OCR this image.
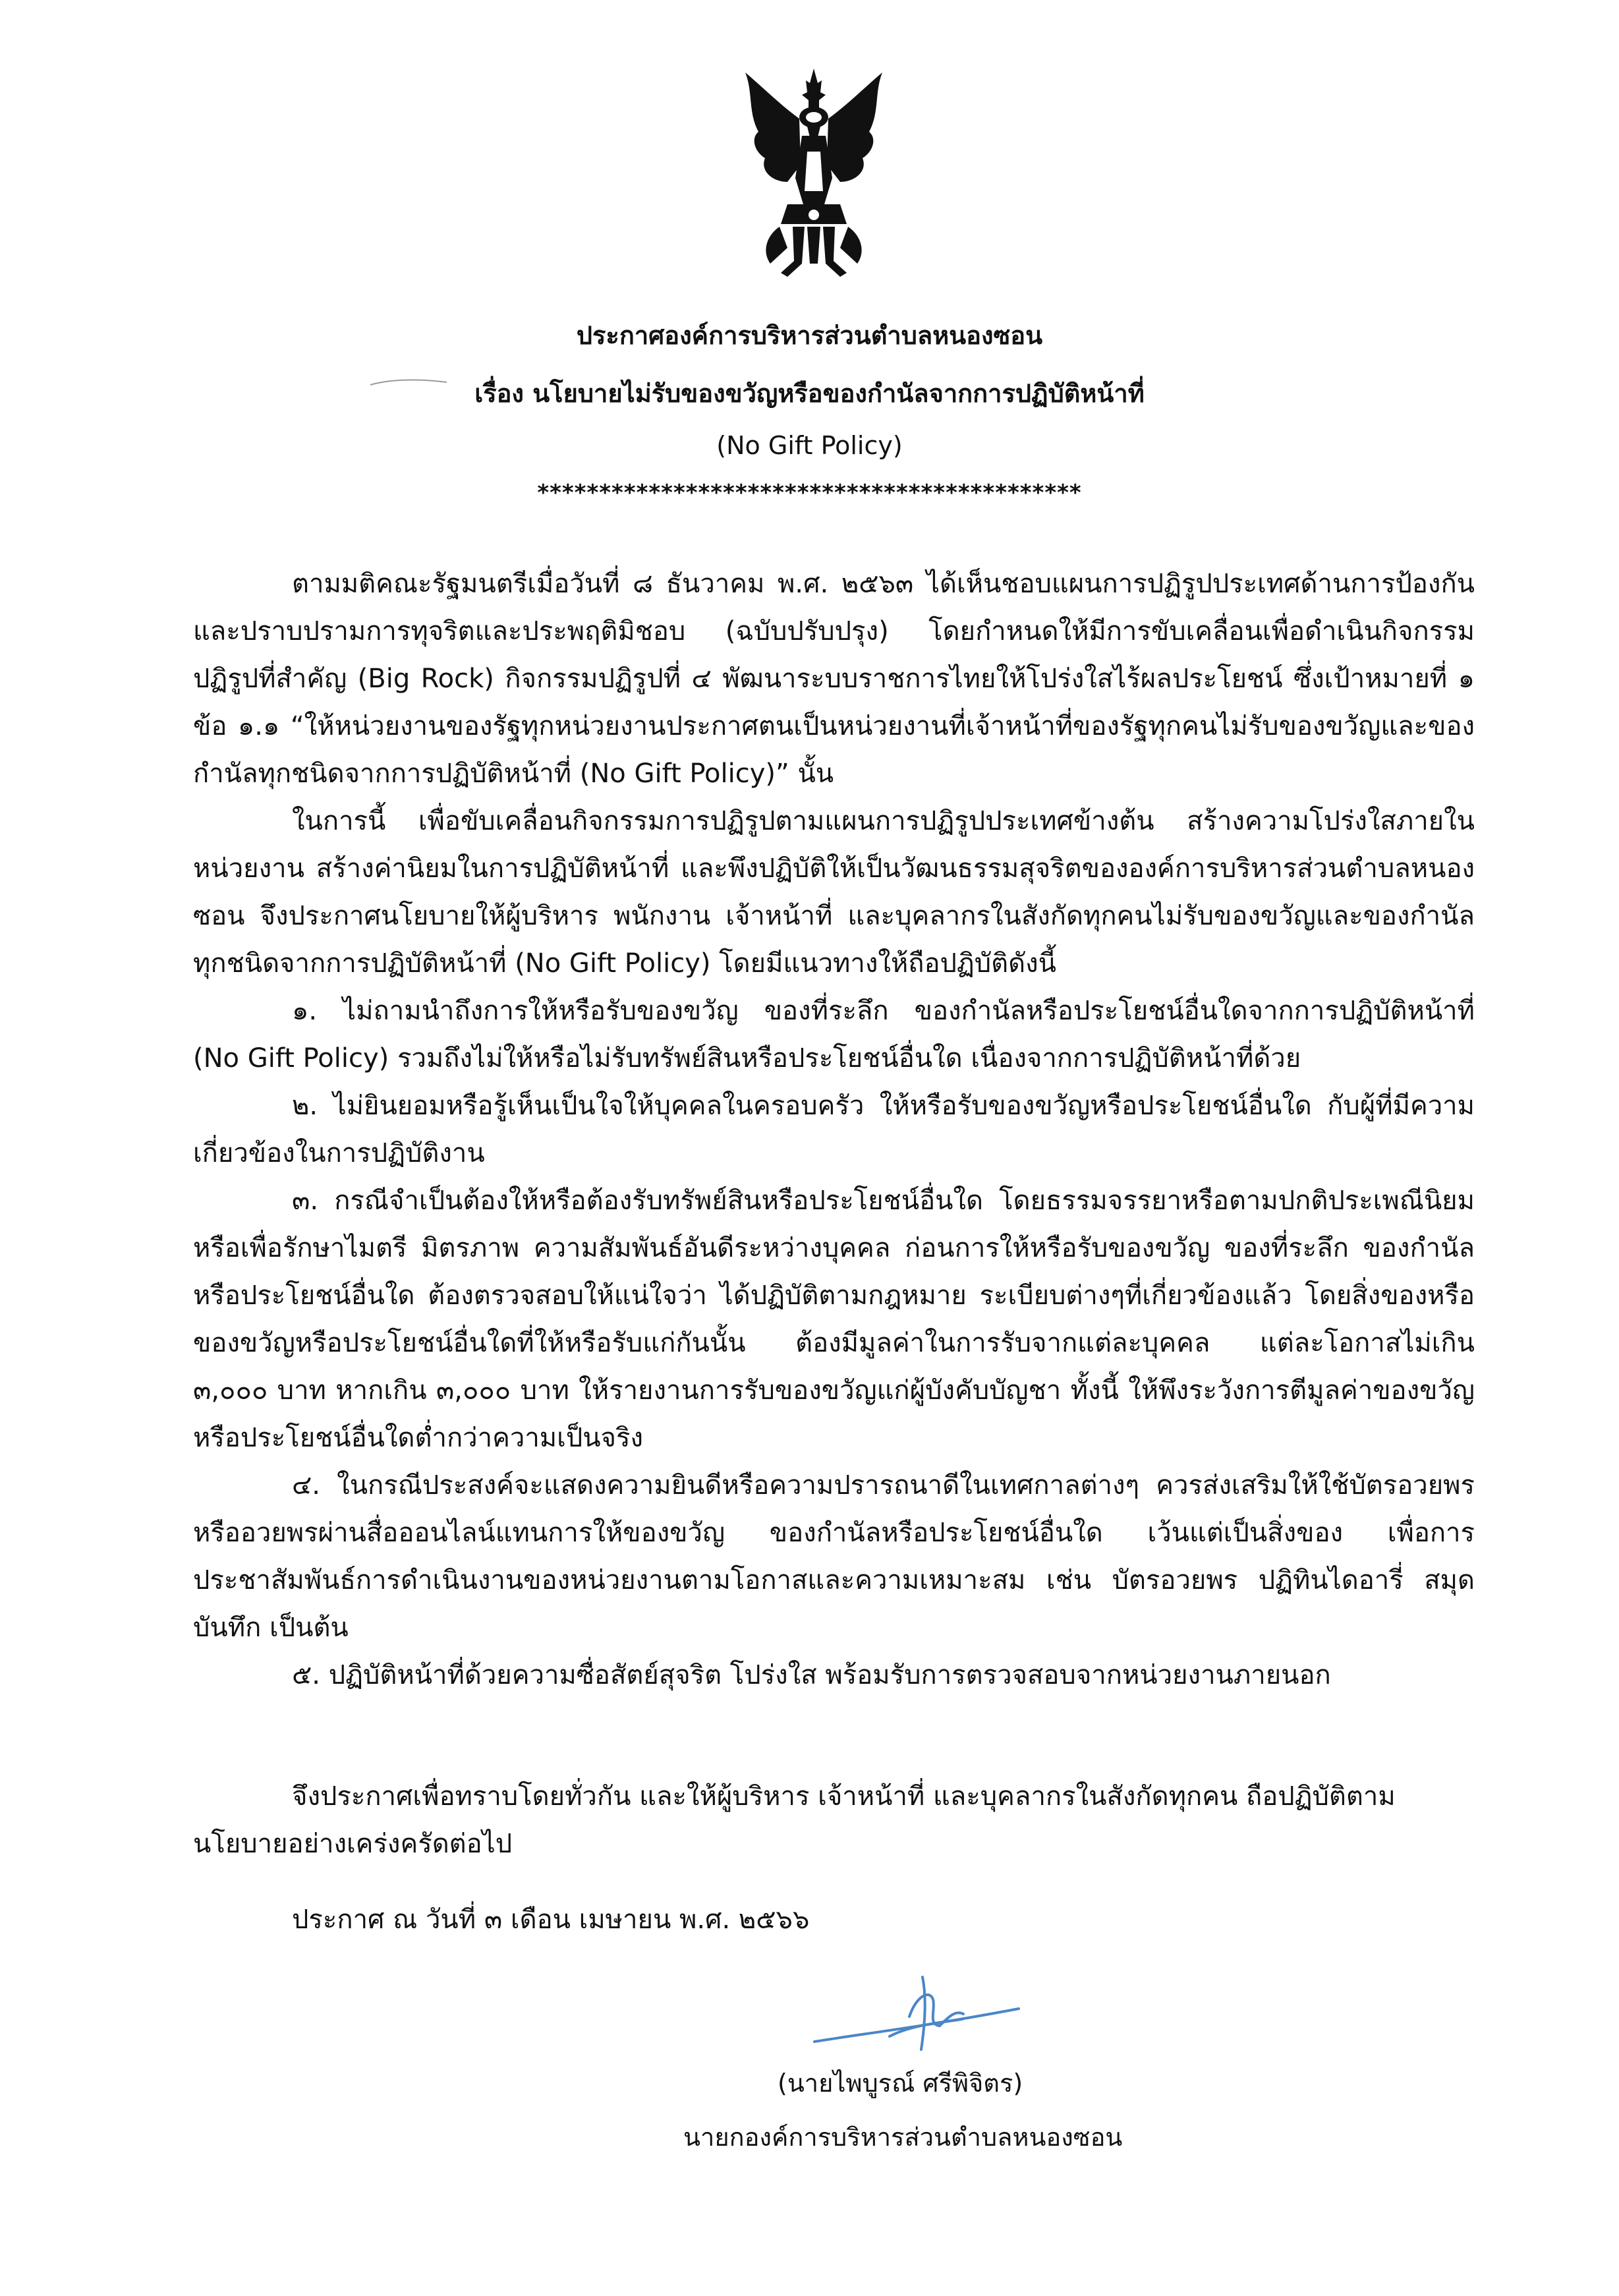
ประกาศองค์การบริหารส่วนตำบลหนองซอน
เรื่อง นโยบายไม่รับของขวัญหรือของกำนัลจากการปฏิบัติหน้าที่
(No Gift Policy)
********************************************

ตามมติคณะรัฐมนตรีเมื่อวันที่ ๘ ธันวาคม พ.ศ. ๒๕๖๓ ได้เห็นชอบแผนการปฏิรูปประเทศด้านการป้องกันและปราบปรามการทุจริตและประพฤติมิชอบ (ฉบับปรับปรุง) โดยกำหนดให้มีการขับเคลื่อนเพื่อดำเนินกิจกรรมปฏิรูปที่สำคัญ (Big Rock) กิจกรรมปฏิรูปที่ ๔ พัฒนาระบบราชการไทยให้โปร่งใสไร้ผลประโยชน์ ซึ่งเป้าหมายที่ ๑ ข้อ ๑.๑ “ให้หน่วยงานของรัฐทุกหน่วยงานประกาศตนเป็นหน่วยงานที่เจ้าหน้าที่ของรัฐทุกคนไม่รับของขวัญและของกำนัลทุกชนิดจากการปฏิบัติหน้าที่ (No Gift Policy)” นั้น

ในการนี้ เพื่อขับเคลื่อนกิจกรรมการปฏิรูปตามแผนการปฏิรูปประเทศข้างต้น สร้างความโปร่งใสภายในหน่วยงาน สร้างค่านิยมในการปฏิบัติหน้าที่ และพึงปฏิบัติให้เป็นวัฒนธรรมสุจริตขององค์การบริหารส่วนตำบลหนองซอน จึงประกาศนโยบายให้ผู้บริหาร พนักงาน เจ้าหน้าที่ และบุคลากรในสังกัดทุกคนไม่รับของขวัญและของกำนัลทุกชนิดจากการปฏิบัติหน้าที่ (No Gift Policy) โดยมีแนวทางให้ถือปฏิบัติดังนี้

๑. ไม่ถามนำถึงการให้หรือรับของขวัญ ของที่ระลึก ของกำนัลหรือประโยชน์อื่นใดจากการปฏิบัติหน้าที่ (No Gift Policy) รวมถึงไม่ให้หรือไม่รับทรัพย์สินหรือประโยชน์อื่นใด เนื่องจากการปฏิบัติหน้าที่ด้วย

๒. ไม่ยินยอมหรือรู้เห็นเป็นใจให้บุคคลในครอบครัว ให้หรือรับของขวัญหรือประโยชน์อื่นใด กับผู้ที่มีความเกี่ยวข้องในการปฏิบัติงาน

๓. กรณีจำเป็นต้องให้หรือต้องรับทรัพย์สินหรือประโยชน์อื่นใด โดยธรรมจรรยาหรือตามปกติประเพณีนิยม หรือเพื่อรักษาไมตรี มิตรภาพ ความสัมพันธ์อันดีระหว่างบุคคล ก่อนการให้หรือรับของขวัญ ของที่ระลึก ของกำนัลหรือประโยชน์อื่นใด ต้องตรวจสอบให้แน่ใจว่า ได้ปฏิบัติตามกฎหมาย ระเบียบต่างๆที่เกี่ยวข้องแล้ว โดยสิ่งของหรือของขวัญหรือประโยชน์อื่นใดที่ให้หรือรับแก่กันนั้น ต้องมีมูลค่าในการรับจากแต่ละบุคคล แต่ละโอกาสไม่เกิน ๓,๐๐๐ บาท หากเกิน ๓,๐๐๐ บาท ให้รายงานการรับของขวัญแก่ผู้บังคับบัญชา ทั้งนี้ ให้พึงระวังการตีมูลค่าของขวัญหรือประโยชน์อื่นใดต่ำกว่าความเป็นจริง

๔. ในกรณีประสงค์จะแสดงความยินดีหรือความปรารถนาดีในเทศกาลต่างๆ ควรส่งเสริมให้ใช้บัตรอวยพรหรืออวยพรผ่านสื่อออนไลน์แทนการให้ของขวัญ ของกำนัลหรือประโยชน์อื่นใด เว้นแต่เป็นสิ่งของ เพื่อการประชาสัมพันธ์การดำเนินงานของหน่วยงานตามโอกาสและความเหมาะสม เช่น บัตรอวยพร ปฏิทินไดอารี่ สมุดบันทึก เป็นต้น

๕. ปฏิบัติหน้าที่ด้วยความซื่อสัตย์สุจริต โปร่งใส พร้อมรับการตรวจสอบจากหน่วยงานภายนอก

จึงประกาศเพื่อทราบโดยทั่วกัน และให้ผู้บริหาร เจ้าหน้าที่ และบุคลากรในสังกัดทุกคน ถือปฏิบัติตามนโยบายอย่างเคร่งครัดต่อไป
ประกาศ ณ วันที่ ๓ เดือน เมษายน พ.ศ. ๒๕๖๖
(นายไพบูรณ์ ศรีพิจิตร)
นายกองค์การบริหารส่วนตำบลหนองซอน
